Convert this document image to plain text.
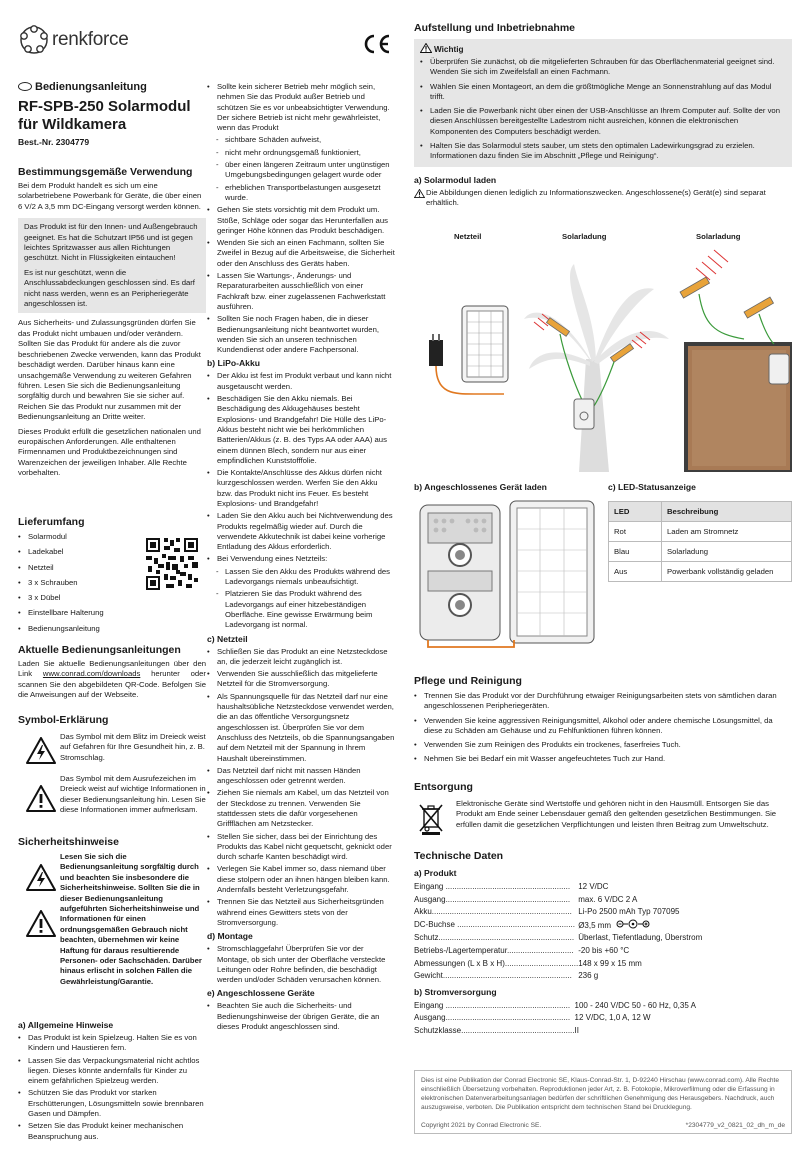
renkforce
Bedienungsanleitung
RF-SPB-250 Solarmodul für Wildkamera
Best.-Nr. 2304779
Bestimmungsgemäße Verwendung

Bei dem Produkt handelt es sich um eine solarbetriebene Powerbank für Geräte, die über einen 6 V/2 A 3,5 mm DC-Eingang versorgt werden können.

Das Produkt ist für den Innen- und Außengebrauch geeignet. Es hat die Schutzart IP56 und ist gegen leichtes Spritzwasser aus allen Richtungen geschützt. Nicht in Flüssigkeiten eintauchen!

Es ist nur geschützt, wenn die Anschlussabdeckungen geschlossen sind. Es darf nicht nass werden, wenn es an Peripheriegeräte angeschlossen ist.

Aus Sicherheits- und Zulassungsgründen dürfen Sie das Produkt nicht umbauen und/oder verändern. Sollten Sie das Produkt für andere als die zuvor beschriebenen Zwecke verwenden, kann das Produkt beschädigt werden. Darüber hinaus kann eine unsachgemäße Verwendung zu weiteren Gefahren führen. Lesen Sie sich die Bedienungsanleitung sorgfältig durch und bewahren Sie sie sicher auf. Reichen Sie das Produkt nur zusammen mit der Bedienungsanleitung an Dritte weiter.

Dieses Produkt erfüllt die gesetzlichen nationalen und europäischen Anforderungen. Alle enthaltenen Firmennamen und Produktbezeichnungen sind Warenzeichen der jeweiligen Inhaber. Alle Rechte vorbehalten.

Lieferumfang
• Solarmodul
• Ladekabel
• Netzteil
• 3 x Schrauben
• 3 x Dübel
• Einstellbare Halterung
• Bedienungsanleitung
Aktuelle Bedienungsanleitungen

Laden Sie aktuelle Bedienungsanleitungen über den Link www.conrad.com/downloads herunter oder scannen Sie den abgebildeten QR-Code. Befolgen Sie die Anweisungen auf der Webseite.

Symbol-Erklärung

Das Symbol mit dem Blitz im Dreieck weist auf Gefahren für Ihre Gesundheit hin, z. B. Stromschlag.

Das Symbol mit dem Ausrufezeichen im Dreieck weist auf wichtige Informationen in dieser Bedienungsanleitung hin. Lesen Sie diese Informationen immer aufmerksam.

Sicherheitshinweise

Lesen Sie sich die Bedienungsanleitung sorgfältig durch und beachten Sie insbesondere die Sicherheitshinweise. Sollten Sie die in dieser Bedienungsanleitung aufgeführten Sicherheitshinweise und Informationen für einen ordnungsgemäßen Gebrauch nicht beachten, übernehmen wir keine Haftung für daraus resultierende Personen- oder Sachschäden. Darüber hinaus erlischt in solchen Fällen die Gewährleistung/Garantie.

a) Allgemeine Hinweise
• Das Produkt ist kein Spielzeug. Halten Sie es von Kindern und Haustieren fern.
• Lassen Sie das Verpackungsmaterial nicht achtlos liegen. Dieses könnte andernfalls für Kinder zu einem gefährlichen Spielzeug werden.
• Schützen Sie das Produkt vor starken Erschütterungen, Lösungsmitteln sowie brennbaren Gasen und Dämpfen.
• Setzen Sie das Produkt keiner mechanischen Beanspruchung aus.
• Sollte kein sicherer Betrieb mehr möglich sein, nehmen Sie das Produkt außer Betrieb und schützen Sie es vor unbeabsichtigter Verwendung. Der sichere Betrieb ist nicht mehr gewährleistet, wenn das Produkt
- sichtbare Schäden aufweist,
- nicht mehr ordnungsgemäß funktioniert,
- über einen längeren Zeitraum unter ungünstigen Umgebungsbedingungen gelagert wurde oder
- erheblichen Transportbelastungen ausgesetzt wurde.
• Gehen Sie stets vorsichtig mit dem Produkt um. Stöße, Schläge oder sogar das Herunterfallen aus geringer Höhe können das Produkt beschädigen.
• Wenden Sie sich an einen Fachmann, sollten Sie Zweifel in Bezug auf die Arbeitsweise, die Sicherheit oder den Anschluss des Geräts haben.
• Lassen Sie Wartungs-, Änderungs- und Reparaturarbeiten ausschließlich von einer Fachkraft bzw. einer zugelassenen Fachwerkstatt ausführen.
• Sollten Sie noch Fragen haben, die in dieser Bedienungsanleitung nicht beantwortet wurden, wenden Sie sich an unseren technischen Kundendienst oder andere Fachpersonal.
b) LiPo-Akku
• Der Akku ist fest im Produkt verbaut und kann nicht ausgetauscht werden.
• Beschädigen Sie den Akku niemals. Bei Beschädigung des Akkugehäuses besteht Explosions- und Brandgefahr! Die Hülle des LiPo-Akkus besteht nicht wie bei herkömmlichen Batterien/Akkus (z. B. des Typs AA oder AAA) aus einem dünnen Blech, sondern nur aus einer empfindlichen Kunststofffolie.
• Die Kontakte/Anschlüsse des Akkus dürfen nicht kurzgeschlossen werden. Werfen Sie den Akku bzw. das Produkt nicht ins Feuer. Es besteht Explosions- und Brandgefahr!
• Laden Sie den Akku auch bei Nichtverwendung des Produkts regelmäßig wieder auf. Durch die verwendete Akkutechnik ist dabei keine vorherige Entladung des Akkus erforderlich.
• Bei Verwendung eines Netzteils:
- Lassen Sie den Akku des Produkts während des Ladevorgangs niemals unbeaufsichtigt.
- Platzieren Sie das Produkt während des Ladevorgangs auf einer hitzebeständigen Oberfläche. Eine gewisse Erwärmung beim Ladevorgang ist normal.
c) Netzteil
• Schließen Sie das Produkt an eine Netzsteckdose an, die jederzeit leicht zugänglich ist.
• Verwenden Sie ausschließlich das mitgelieferte Netzteil für die Stromversorgung.
• Als Spannungsquelle für das Netzteil darf nur eine haushaltsübliche Netzsteckdose verwendet werden, die an das öffentliche Versorgungsnetz angeschlossen ist. Überprüfen Sie vor dem Anschluss des Netzteils, ob die Spannungsangaben auf dem Netzteil mit der Spannung in Ihrem Haushalt übereinstimmen.
• Das Netzteil darf nicht mit nassen Händen angeschlossen oder getrennt werden.
• Ziehen Sie niemals am Kabel, um das Netzteil von der Steckdose zu trennen. Verwenden Sie stattdessen stets die dafür vorgesehenen Griffflächen am Netzstecker.
• Stellen Sie sicher, dass bei der Einrichtung des Produkts das Kabel nicht gequetscht, geknickt oder durch scharfe Kanten beschädigt wird.
• Verlegen Sie Kabel immer so, dass niemand über diese stolpern oder an ihnen hängen bleiben kann. Andernfalls besteht Verletzungsgefahr.
• Trennen Sie das Netzteil aus Sicherheitsgründen während eines Gewitters stets von der Stromversorgung.
d) Montage
• Stromschlaggefahr! Überprüfen Sie vor der Montage, ob sich unter der Oberfläche versteckte Leitungen oder Rohre befinden, die beschädigt werden und/oder Schäden verursachen können.
e) Angeschlossene Geräte
• Beachten Sie auch die Sicherheits- und Bedienungshinweise der übrigen Geräte, die an dieses Produkt angeschlossen sind.
Aufstellung und Inbetriebnahme
Wichtig
• Überprüfen Sie zunächst, ob die mitgelieferten Schrauben für das Oberflächenmaterial geeignet sind. Wenden Sie sich im Zweifelsfall an einen Fachmann.
• Wählen Sie einen Montageort, an dem die größtmögliche Menge an Sonnenstrahlung auf das Modul trifft.
• Laden Sie die Powerbank nicht über einen der USB-Anschlüsse an Ihrem Computer auf. Sollte der von diesen Anschlüssen bereitgestellte Ladestrom nicht ausreichen, können die elektronischen Komponenten des Computers beschädigt werden.
• Halten Sie das Solarmodul stets sauber, um stets den optimalen Ladewirkungsgrad zu erzielen. Informationen dazu finden Sie im Abschnitt „Pflege und Reinigung“.
a) Solarmodul laden

Die Abbildungen dienen lediglich zu Informationszwecken. Angeschlossene(s) Gerät(e) sind separat erhältlich.

Netzteil	Solarladung	Solarladung
b) Angeschlossenes Gerät laden	c) LED-Statusanzeige
LED	Beschreibung
Rot	Laden am Stromnetz
Blau	Solarladung
Aus	Powerbank vollständig geladen
Pflege und Reinigung
• Trennen Sie das Produkt vor der Durchführung etwaiger Reinigungsarbeiten stets von sämtlichen daran angeschlossenen Peripheriegeräten.
• Verwenden Sie keine aggressiven Reinigungsmittel, Alkohol oder andere chemische Lösungsmittel, da diese zu Schäden am Gehäuse und zu Fehlfunktionen führen können.
• Verwenden Sie zum Reinigen des Produkts ein trockenes, faserfreies Tuch.
• Nehmen Sie bei Bedarf ein mit Wasser angefeuchtetes Tuch zur Hand.
Entsorgung

Elektronische Geräte sind Wertstoffe und gehören nicht in den Hausmüll. Entsorgen Sie das Produkt am Ende seiner Lebensdauer gemäß den geltenden gesetzlichen Bestimmungen. Sie erfüllen damit die gesetzlichen Verpflichtungen und leisten Ihren Beitrag zum Umweltschutz.

Technische Daten
a) Produkt
Eingang ........................................................	12 V/DC
Ausgang........................................................	max. 6 V/DC 2 A
Akku...............................................................	Li-Po 2500 mAh Typ 707095
DC-Buchse .....................................................	Ø3,5 mm
Schutz.............................................................	Überlast, Tiefentladung, Überstrom
Betriebs-/Lagertemperatur..............................	-20 bis +60 °C
Abmessungen (L x B x H).................................	148 x 99 x 15 mm
Gewicht..........................................................	236 g
b) Stromversorgung
Eingang ........................................................	100 - 240 V/DC 50 - 60 Hz, 0,35 A
Ausgang........................................................	12 V/DC, 1,0 A, 12 W
Schutzklasse...................................................	II

Dies ist eine Publikation der Conrad Electronic SE, Klaus-Conrad-Str. 1, D-92240 Hirschau (www.conrad.com). Alle Rechte einschließlich Übersetzung vorbehalten. Reproduktionen jeder Art, z. B. Fotokopie, Mikroverfilmung oder die Erfassung in elektronischen Datenverarbeitungsanlagen bedürfen der schriftlichen Genehmigung des Herausgebers. Nachdruck, auch auszugsweise, verboten. Die Publikation entspricht dem technischen Stand bei Drucklegung.

Copyright 2021 by Conrad Electronic SE.	*2304779_v2_0821_02_dh_m_de
